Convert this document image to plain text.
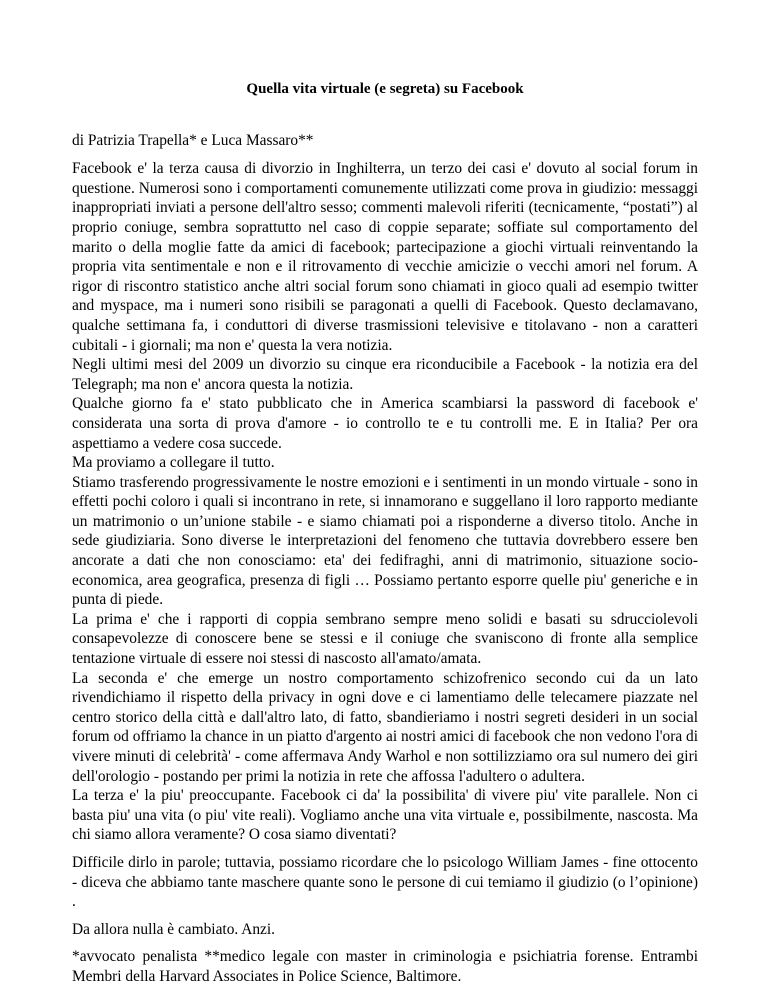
Quella vita virtuale (e segreta) su Facebook

di Patrizia Trapella* e Luca Massaro**

Facebook e' la terza causa di divorzio in Inghilterra, un terzo dei casi e' dovuto al social forum in questione. Numerosi sono i comportamenti comunemente utilizzati come prova in giudizio: messaggi inappropriati inviati a persone dell'altro sesso; commenti malevoli riferiti (tecnicamente, “postati”) al proprio coniuge, sembra soprattutto nel caso di coppie separate; soffiate sul comportamento del marito o della moglie fatte da amici di facebook; partecipazione a giochi virtuali reinventando la propria vita sentimentale e non e il ritrovamento di vecchie amicizie o vecchi amori nel forum. A rigor di riscontro statistico anche altri social forum sono chiamati in gioco quali ad esempio twitter and myspace, ma i numeri sono risibili se paragonati a quelli di Facebook. Questo declamavano, qualche settimana fa, i conduttori di diverse trasmissioni televisive e titolavano - non a caratteri cubitali - i giornali; ma non e' questa la vera notizia.

Negli ultimi mesi del 2009 un divorzio su cinque era riconducibile a Facebook - la notizia era del Telegraph; ma non e' ancora questa la notizia.

Qualche giorno fa e' stato pubblicato che in America scambiarsi la password di facebook e' considerata una sorta di prova d'amore - io controllo te e tu controlli me. E in Italia? Per ora aspettiamo a vedere cosa succede.

Ma proviamo a collegare il tutto.

Stiamo trasferendo progressivamente le nostre emozioni e i sentimenti in un mondo virtuale - sono in effetti pochi coloro i quali si incontrano in rete, si innamorano e suggellano il loro rapporto mediante un matrimonio o un’unione stabile - e siamo chiamati poi a risponderne a diverso titolo. Anche in sede giudiziaria. Sono diverse le interpretazioni del fenomeno che tuttavia dovrebbero essere ben ancorate a dati che non conosciamo: eta' dei fedifraghi, anni di matrimonio, situazione socio-economica, area geografica, presenza di figli … Possiamo pertanto esporre quelle piu' generiche e in punta di piede.

La prima e' che i rapporti di coppia sembrano sempre meno solidi e basati su sdrucciolevoli consapevolezze di conoscere bene se stessi e il coniuge che svaniscono di fronte alla semplice tentazione virtuale di essere noi stessi di nascosto all'amato/amata.

La seconda e' che emerge un nostro comportamento schizofrenico secondo cui da un lato rivendichiamo il rispetto della privacy in ogni dove e ci lamentiamo delle telecamere piazzate nel centro storico della città e dall'altro lato, di fatto, sbandieriamo i nostri segreti desideri in un social forum od offriamo la chance in un piatto d'argento ai nostri amici di facebook che non vedono l'ora di vivere minuti di celebrità' - come affermava Andy Warhol e non sottilizziamo ora sul numero dei giri dell'orologio - postando per primi la notizia in rete che affossa l'adultero o adultera.

La terza e' la piu' preoccupante. Facebook ci da' la possibilita' di vivere piu' vite parallele. Non ci basta piu' una vita (o piu' vite reali). Vogliamo anche una vita virtuale e, possibilmente, nascosta. Ma chi siamo allora veramente? O cosa siamo diventati?

Difficile dirlo in parole; tuttavia, possiamo ricordare che lo psicologo William James - fine ottocento - diceva che abbiamo tante maschere quante sono le persone di cui temiamo il giudizio (o l’opinione) .

Da allora nulla è cambiato. Anzi.

*avvocato penalista **medico legale con master in criminologia e psichiatria forense. Entrambi Membri della Harvard Associates in Police Science, Baltimore.
